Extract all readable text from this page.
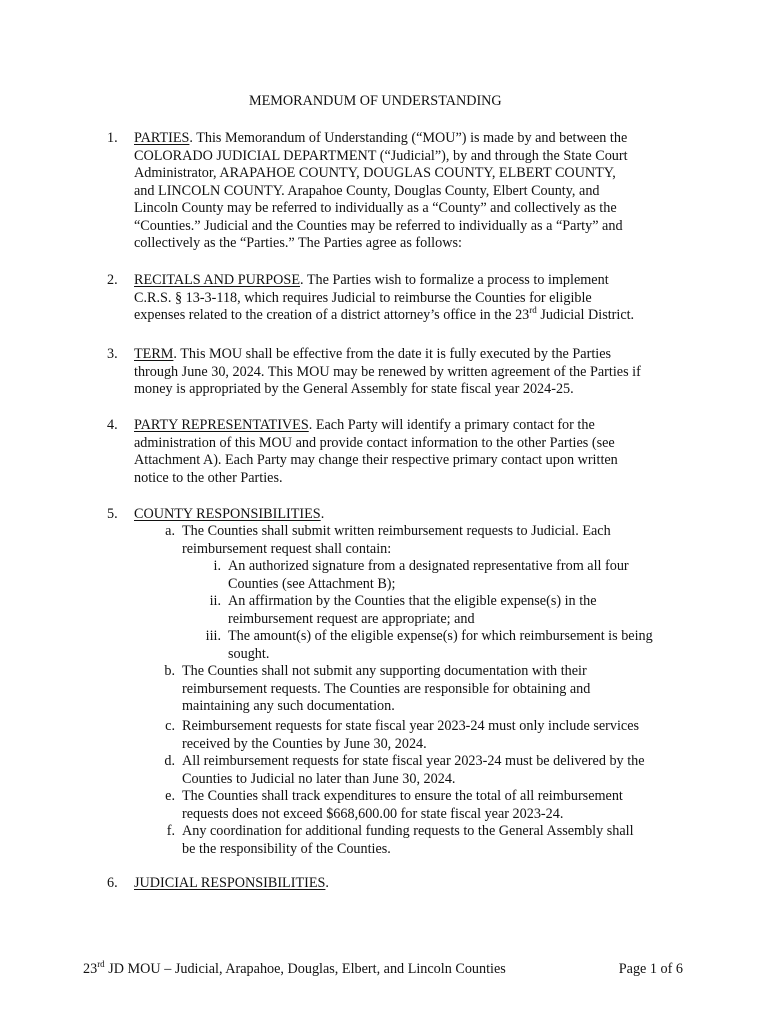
MEMORANDUM OF UNDERSTANDING
1. PARTIES. This Memorandum of Understanding (“MOU”) is made by and between the
COLORADO JUDICIAL DEPARTMENT (“Judicial”), by and through the State Court
Administrator, ARAPAHOE COUNTY, DOUGLAS COUNTY, ELBERT COUNTY,
and LINCOLN COUNTY. Arapahoe County, Douglas County, Elbert County, and
Lincoln County may be referred to individually as a “County” and collectively as the
“Counties.” Judicial and the Counties may be referred to individually as a “Party” and
collectively as the “Parties.” The Parties agree as follows:
2. RECITALS AND PURPOSE. The Parties wish to formalize a process to implement
C.R.S. § 13-3-118, which requires Judicial to reimburse the Counties for eligible
expenses related to the creation of a district attorney’s office in the 23rd Judicial District.
3. TERM. This MOU shall be effective from the date it is fully executed by the Parties
through June 30, 2024. This MOU may be renewed by written agreement of the Parties if
money is appropriated by the General Assembly for state fiscal year 2024-25.
4. PARTY REPRESENTATIVES. Each Party will identify a primary contact for the
administration of this MOU and provide contact information to the other Parties (see
Attachment A). Each Party may change their respective primary contact upon written
notice to the other Parties.
5. COUNTY RESPONSIBILITIES.
a. The Counties shall submit written reimbursement requests to Judicial. Each
reimbursement request shall contain:
i. An authorized signature from a designated representative from all four
Counties (see Attachment B);
ii. An affirmation by the Counties that the eligible expense(s) in the
reimbursement request are appropriate; and
iii. The amount(s) of the eligible expense(s) for which reimbursement is being
sought.
b. The Counties shall not submit any supporting documentation with their
reimbursement requests. The Counties are responsible for obtaining and
maintaining any such documentation.
c. Reimbursement requests for state fiscal year 2023-24 must only include services
received by the Counties by June 30, 2024.
d. All reimbursement requests for state fiscal year 2023-24 must be delivered by the
Counties to Judicial no later than June 30, 2024.
e. The Counties shall track expenditures to ensure the total of all reimbursement
requests does not exceed $668,600.00 for state fiscal year 2023-24.
f. Any coordination for additional funding requests to the General Assembly shall
be the responsibility of the Counties.
6. JUDICIAL RESPONSIBILITIES.
23rd JD MOU – Judicial, Arapahoe, Douglas, Elbert, and Lincoln Counties	Page 1 of 6
